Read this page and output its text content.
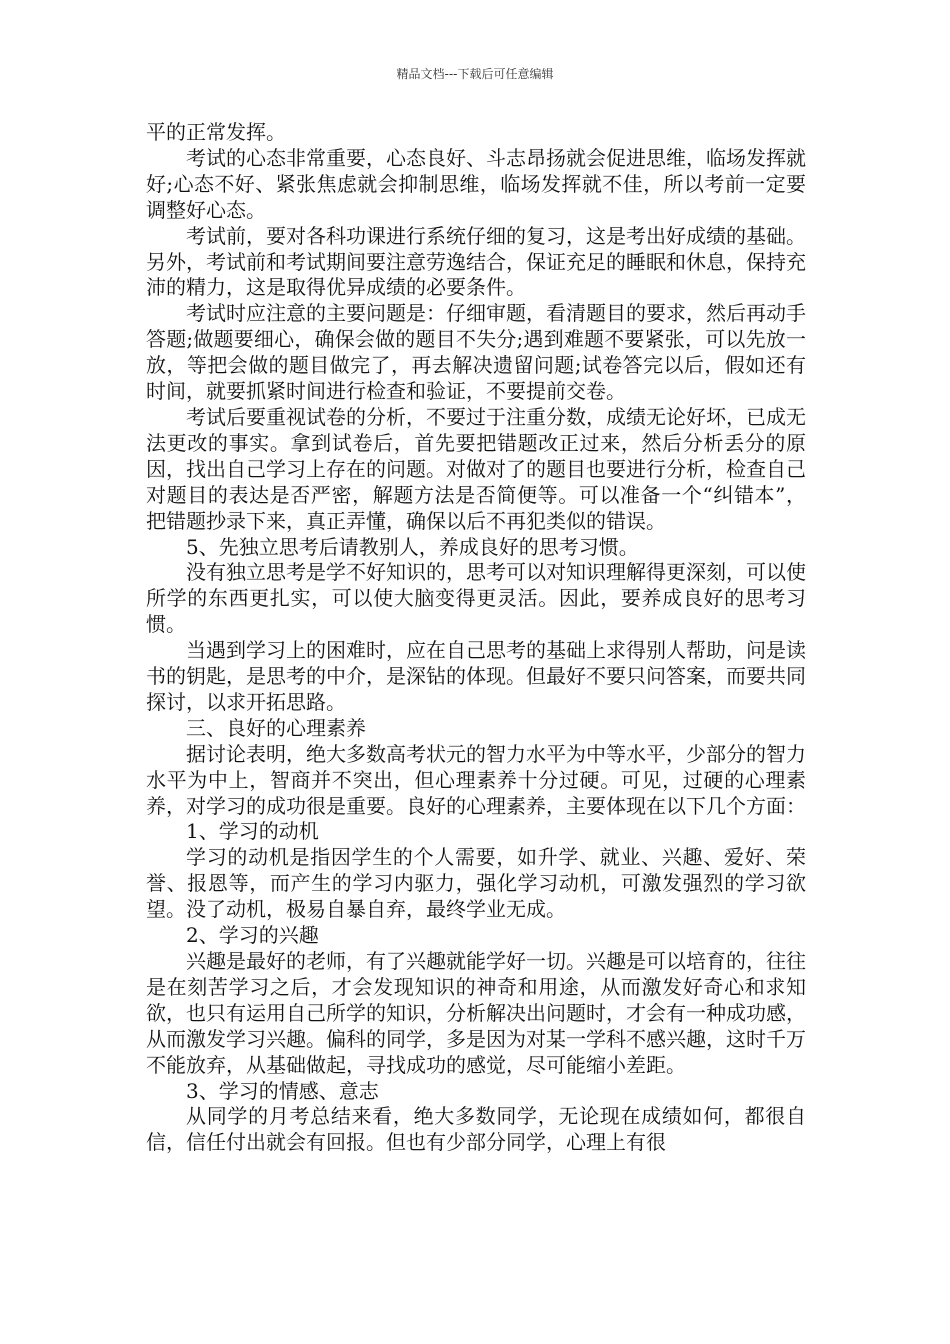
精品文档---下载后可任意编辑

平的正常发挥。

考试的心态非常重要，心态良好、斗志昂扬就会促进思维，临场发挥就好;心态不好、紧张焦虑就会抑制思维，临场发挥就不佳，所以考前一定要调整好心态。

考试前，要对各科功课进行系统仔细的复习，这是考出好成绩的基础。另外，考试前和考试期间要注意劳逸结合，保证充足的睡眠和休息，保持充沛的精力，这是取得优异成绩的必要条件。

考试时应注意的主要问题是：仔细审题，看清题目的要求，然后再动手答题;做题要细心，确保会做的题目不失分;遇到难题不要紧张，可以先放一放，等把会做的题目做完了，再去解决遗留问题;试卷答完以后，假如还有时间，就要抓紧时间进行检查和验证，不要提前交卷。

考试后要重视试卷的分析，不要过于注重分数，成绩无论好坏，已成无法更改的事实。拿到试卷后，首先要把错题改正过来，然后分析丢分的原因，找出自己学习上存在的问题。对做对了的题目也要进行分析，检查自己对题目的表达是否严密，解题方法是否简便等。可以准备一个“纠错本”，把错题抄录下来，真正弄懂，确保以后不再犯类似的错误。

5、先独立思考后请教别人，养成良好的思考习惯。

没有独立思考是学不好知识的，思考可以对知识理解得更深刻，可以使所学的东西更扎实，可以使大脑变得更灵活。因此，要养成良好的思考习惯。

当遇到学习上的困难时，应在自己思考的基础上求得别人帮助，问是读书的钥匙，是思考的中介，是深钻的体现。但最好不要只问答案，而要共同探讨，以求开拓思路。

三、良好的心理素养

据讨论表明，绝大多数高考状元的智力水平为中等水平，少部分的智力水平为中上，智商并不突出，但心理素养十分过硬。可见，过硬的心理素养，对学习的成功很是重要。良好的心理素养，主要体现在以下几个方面：

1、学习的动机

学习的动机是指因学生的个人需要，如升学、就业、兴趣、爱好、荣誉、报恩等，而产生的学习内驱力，强化学习动机，可激发强烈的学习欲望。没了动机，极易自暴自弃，最终学业无成。

2、学习的兴趣

兴趣是最好的老师，有了兴趣就能学好一切。兴趣是可以培育的，往往是在刻苦学习之后，才会发现知识的神奇和用途，从而激发好奇心和求知欲，也只有运用自己所学的知识，分析解决出问题时，才会有一种成功感，从而激发学习兴趣。偏科的同学，多是因为对某一学科不感兴趣，这时千万不能放弃，从基础做起，寻找成功的感觉，尽可能缩小差距。

3、学习的情感、意志

从同学的月考总结来看，绝大多数同学，无论现在成绩如何，都很自信，信任付出就会有回报。但也有少部分同学，心理上有很
